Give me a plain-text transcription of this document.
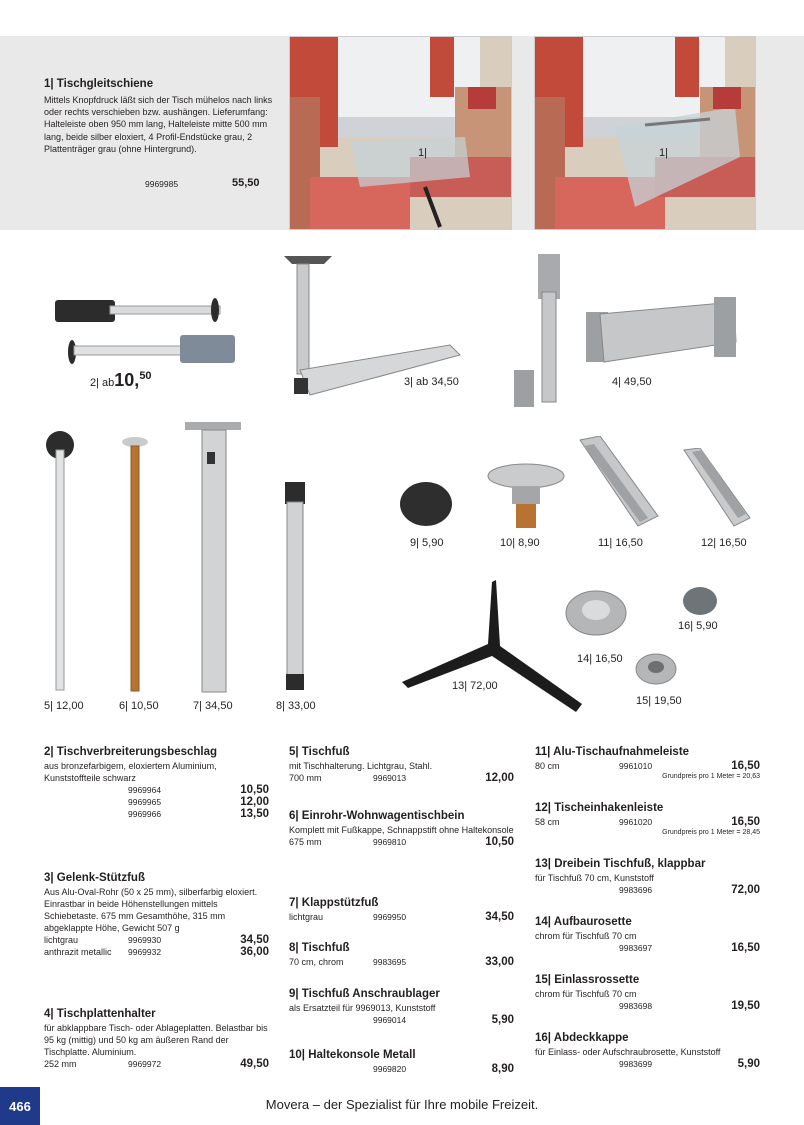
1| Tischgleitschiene
Mittels Knopfdruck läßt sich der Tisch mühelos nach links oder rechts verschieben bzw. aushängen. Lieferumfang: Halteleiste oben 950 mm lang, Halteleiste mitte 500 mm lang, beide silber eloxiert, 4 Profil-Endstücke grau, 2 Plattenträger grau (ohne Hintergrund).
9969985	55,50
1|	1|
2| ab10,50	3| ab 34,50	4| 49,50
5| 12,00	6| 10,50	7| 34,50	8| 33,00
9| 5,90	10| 8,90	11| 16,50	12| 16,50
13| 72,00
14| 16,50
15| 19,50
16| 5,90
2| Tischverbreiterungsbeschlag
aus bronzefarbigem, eloxiertem Aluminium, Kunststoffteile schwarz
9969964	10,50
9969965	12,00
9969966	13,50
3| Gelenk-Stützfuß
Aus Alu-Oval-Rohr (50 x 25 mm), silberfarbig eloxiert. Einrastbar in beide Höhenstellungen mittels Schiebetaste. 675 mm Gesamthöhe, 315 mm abgeklappte Höhe, Gewicht 507 g
lichtgrau	9969930	34,50
anthrazit metallic	9969932	36,00
4| Tischplattenhalter
für abklappbare Tisch- oder Ablageplatten. Belastbar bis 95 kg (mittig) und 50 kg am äußeren Rand der Tischplatte. Aluminium.
252 mm	9969972	49,50
5| Tischfuß
mit Tischhalterung. Lichtgrau, Stahl.
700 mm	9969013	12,00
6| Einrohr-Wohnwagentischbein
Komplett mit Fußkappe, Schnappstift ohne Haltekonsole
675 mm	9969810	10,50
7| Klappstützfuß
lichtgrau	9969950	34,50
8| Tischfuß
70 cm, chrom	9983695	33,00
9| Tischfuß Anschraublager
als Ersatzteil für 9969013, Kunststoff
9969014	5,90
10| Haltekonsole Metall
9969820	8,90
11| Alu-Tischaufnahmeleiste
80 cm	9961010	16,50
Grundpreis pro 1 Meter = 20,63
12| Tischeinhakenleiste
58 cm	9961020	16,50
Grundpreis pro 1 Meter = 28,45
13| Dreibein Tischfuß, klappbar
für Tischfuß 70 cm, Kunststoff
9983696	72,00
14| Aufbaurosette
chrom für Tischfuß 70 cm
9983697	16,50
15| Einlassrossette
chrom für Tischfuß 70 cm
9983698	19,50
16| Abdeckkappe
für Einlass- oder Aufschraubrosette, Kunststoff
9983699	5,90
466	Movera – der Spezialist für Ihre mobile Freizeit.
